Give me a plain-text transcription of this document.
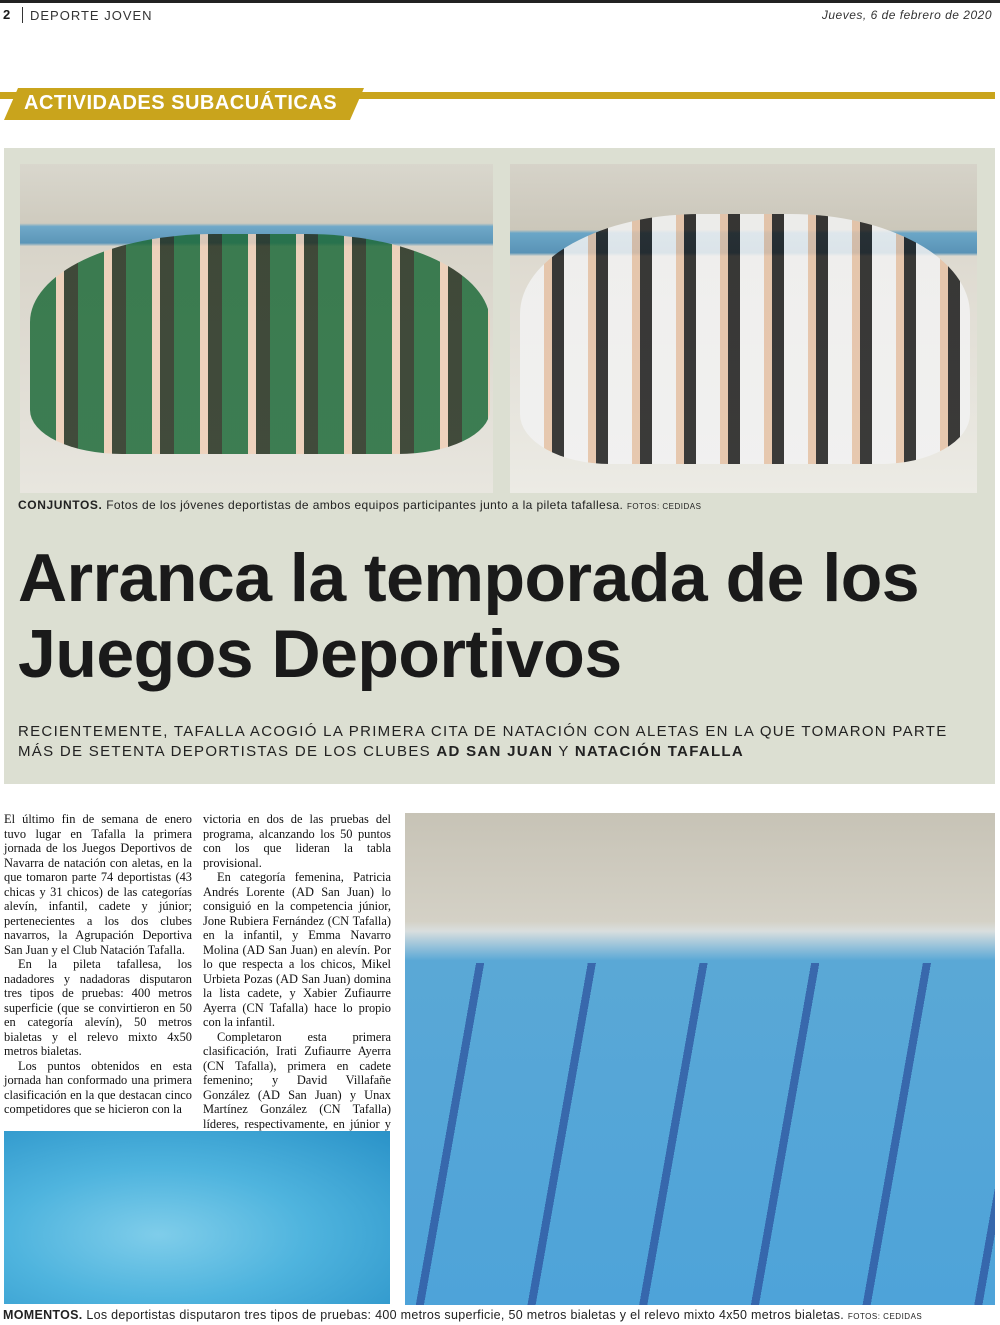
2 DEPORTE JOVEN	Jueves, 6 de febrero de 2020
ACTIVIDADES SUBACUÁTICAS
CONJUNTOS. Fotos de los jóvenes deportistas de ambos equipos participantes junto a la pileta tafallesa. FOTOS: CEDIDAS
Arranca la temporada de los Juegos Deportivos
RECIENTEMENTE, TAFALLA ACOGIÓ LA PRIMERA CITA DE NATACIÓN CON ALETAS EN LA QUE TOMARON PARTE MÁS DE SETENTA DEPORTISTAS DE LOS CLUBES AD SAN JUAN Y NATACIÓN TAFALLA

El último fin de semana de enero tuvo lugar en Tafalla la primera jornada de los Juegos Deportivos de Navarra de natación con aletas, en la que tomaron parte 74 deportistas (43 chicas y 31 chicos) de las categorías alevín, infantil, cadete y júnior; pertenecientes a los dos clubes navarros, la Agrupación Deportiva San Juan y el Club Natación Tafalla.

En la pileta tafallesa, los nadadores y nadadoras disputaron tres tipos de pruebas: 400 metros superficie (que se convirtieron en 50 en categoría alevín), 50 metros bialetas y el relevo mixto 4x50 metros bialetas.

Los puntos obtenidos en esta jornada han conformado una primera clasificación en la que destacan cinco competidores que se hicieron con la

victoria en dos de las pruebas del programa, alcanzando los 50 puntos con los que lideran la tabla provisional.

En categoría femenina, Patricia Andrés Lorente (AD San Juan) lo consiguió en la competencia júnior, Jone Rubiera Fernández (CN Tafalla) en la infantil, y Emma Navarro Molina (AD San Juan) en alevín. Por lo que respecta a los chicos, Mikel Urbieta Pozas (AD San Juan) domina la lista cadete, y Xabier Zufiaurre Ayerra (CN Tafalla) hace lo propio con la infantil.

Completaron esta primera clasificación, Irati Zufiaurre Ayerra (CN Tafalla), primera en cadete femenino; y David Villafañe González (AD San Juan) y Unax Martínez González (CN Tafalla) líderes, respectivamente, en júnior y

MOMENTOS. Los deportistas disputaron tres tipos de pruebas: 400 metros superficie, 50 metros bialetas y el relevo mixto 4x50 metros bialetas. FOTOS: CEDIDAS
